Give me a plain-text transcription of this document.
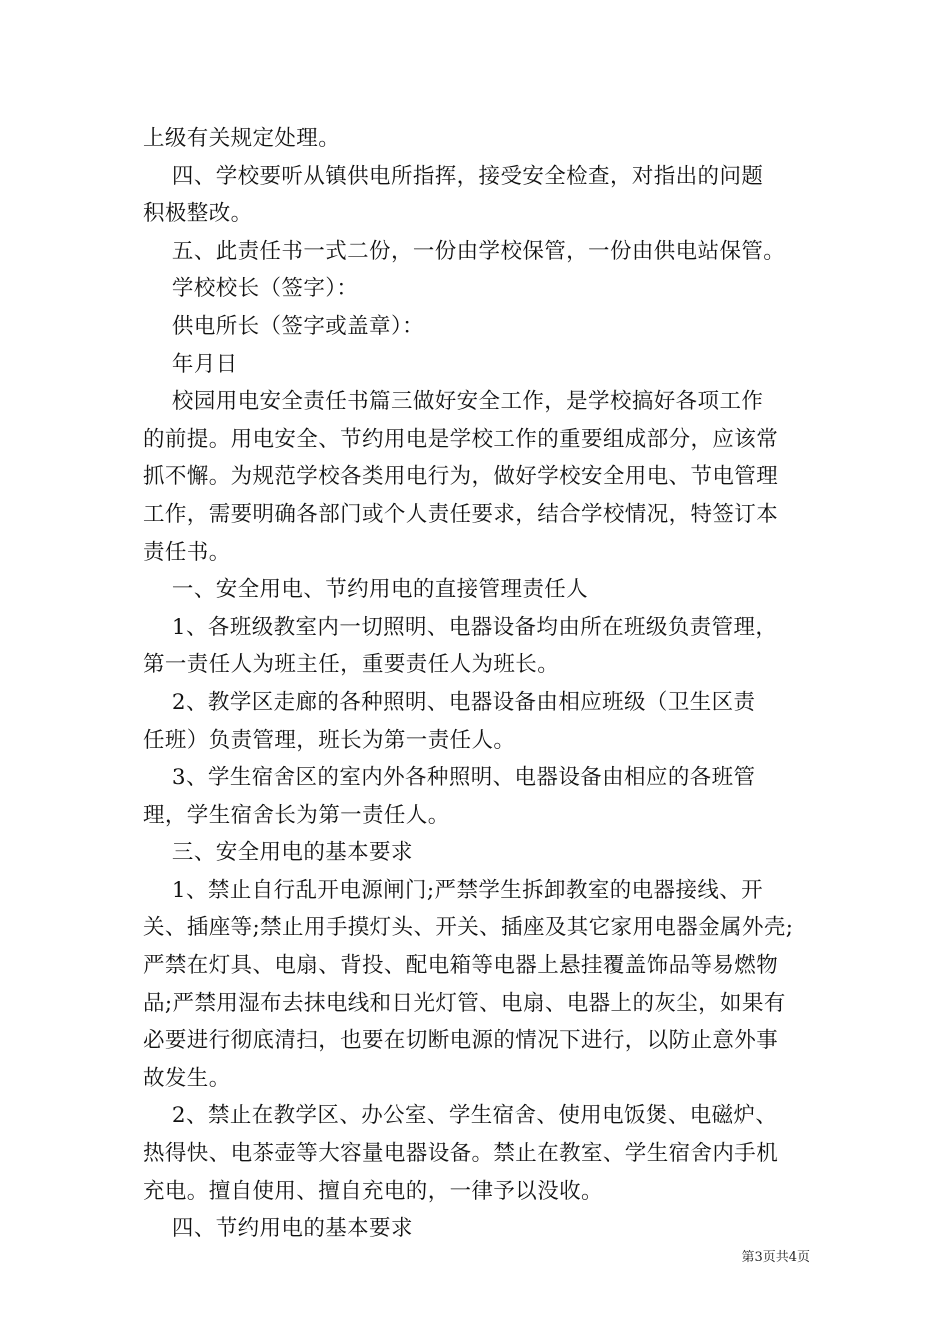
上级有关规定处理。
四、学校要听从镇供电所指挥，接受安全检查，对指出的问题
积极整改。
五、此责任书一式二份，一份由学校保管，一份由供电站保管。
学校校长（签字）：
供电所长（签字或盖章）：
年月日
校园用电安全责任书篇三做好安全工作，是学校搞好各项工作
的前提。用电安全、节约用电是学校工作的重要组成部分，应该常
抓不懈。为规范学校各类用电行为，做好学校安全用电、节电管理
工作，需要明确各部门或个人责任要求，结合学校情况，特签订本
责任书。
一、安全用电、节约用电的直接管理责任人
1、各班级教室内一切照明、电器设备均由所在班级负责管理，
第一责任人为班主任，重要责任人为班长。
2、教学区走廊的各种照明、电器设备由相应班级（卫生区责
任班）负责管理，班长为第一责任人。
3、学生宿舍区的室内外各种照明、电器设备由相应的各班管
理，学生宿舍长为第一责任人。
三、安全用电的基本要求
1、禁止自行乱开电源闸门;严禁学生拆卸教室的电器接线、开
关、插座等;禁止用手摸灯头、开关、插座及其它家用电器金属外壳;
严禁在灯具、电扇、背投、配电箱等电器上悬挂覆盖饰品等易燃物
品;严禁用湿布去抹电线和日光灯管、电扇、电器上的灰尘，如果有
必要进行彻底清扫，也要在切断电源的情况下进行，以防止意外事
故发生。
2、禁止在教学区、办公室、学生宿舍、使用电饭煲、电磁炉、
热得快、电茶壶等大容量电器设备。禁止在教室、学生宿舍内手机
充电。擅自使用、擅自充电的，一律予以没收。
四、节约用电的基本要求
第3页共4页
